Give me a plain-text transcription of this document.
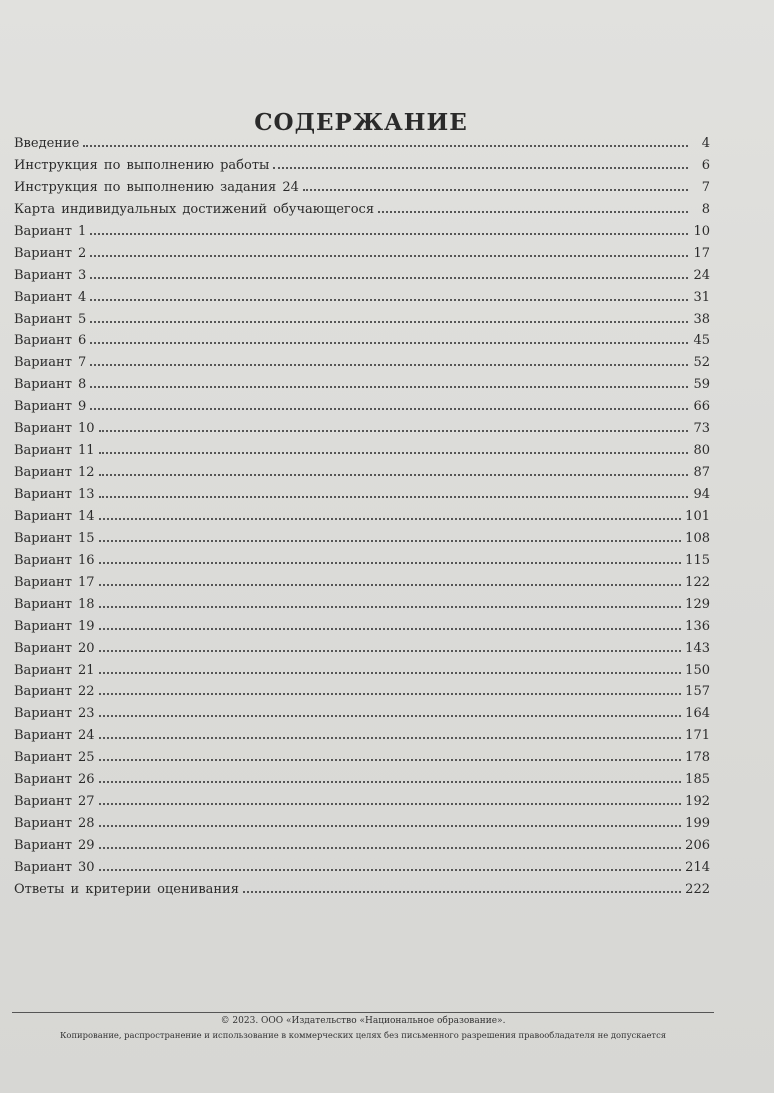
СОДЕРЖАНИЕ
Введение	4
Инструкция по выполнению работы	6
Инструкция по выполнению задания 24	7
Карта индивидуальных достижений обучающегося	8
Вариант 1	10
Вариант 2	17
Вариант 3	24
Вариант 4	31
Вариант 5	38
Вариант 6	45
Вариант 7	52
Вариант 8	59
Вариант 9	66
Вариант 10	73
Вариант 11	80
Вариант 12	87
Вариант 13	94
Вариант 14	101
Вариант 15	108
Вариант 16	115
Вариант 17	122
Вариант 18	129
Вариант 19	136
Вариант 20	143
Вариант 21	150
Вариант 22	157
Вариант 23	164
Вариант 24	171
Вариант 25	178
Вариант 26	185
Вариант 27	192
Вариант 28	199
Вариант 29	206
Вариант 30	214
Ответы и критерии оценивания	222
© 2023. ООО «Издательство «Национальное образование».
Копирование, распространение и использование в коммерческих целях без письменного разрешения правообладателя не допускается
